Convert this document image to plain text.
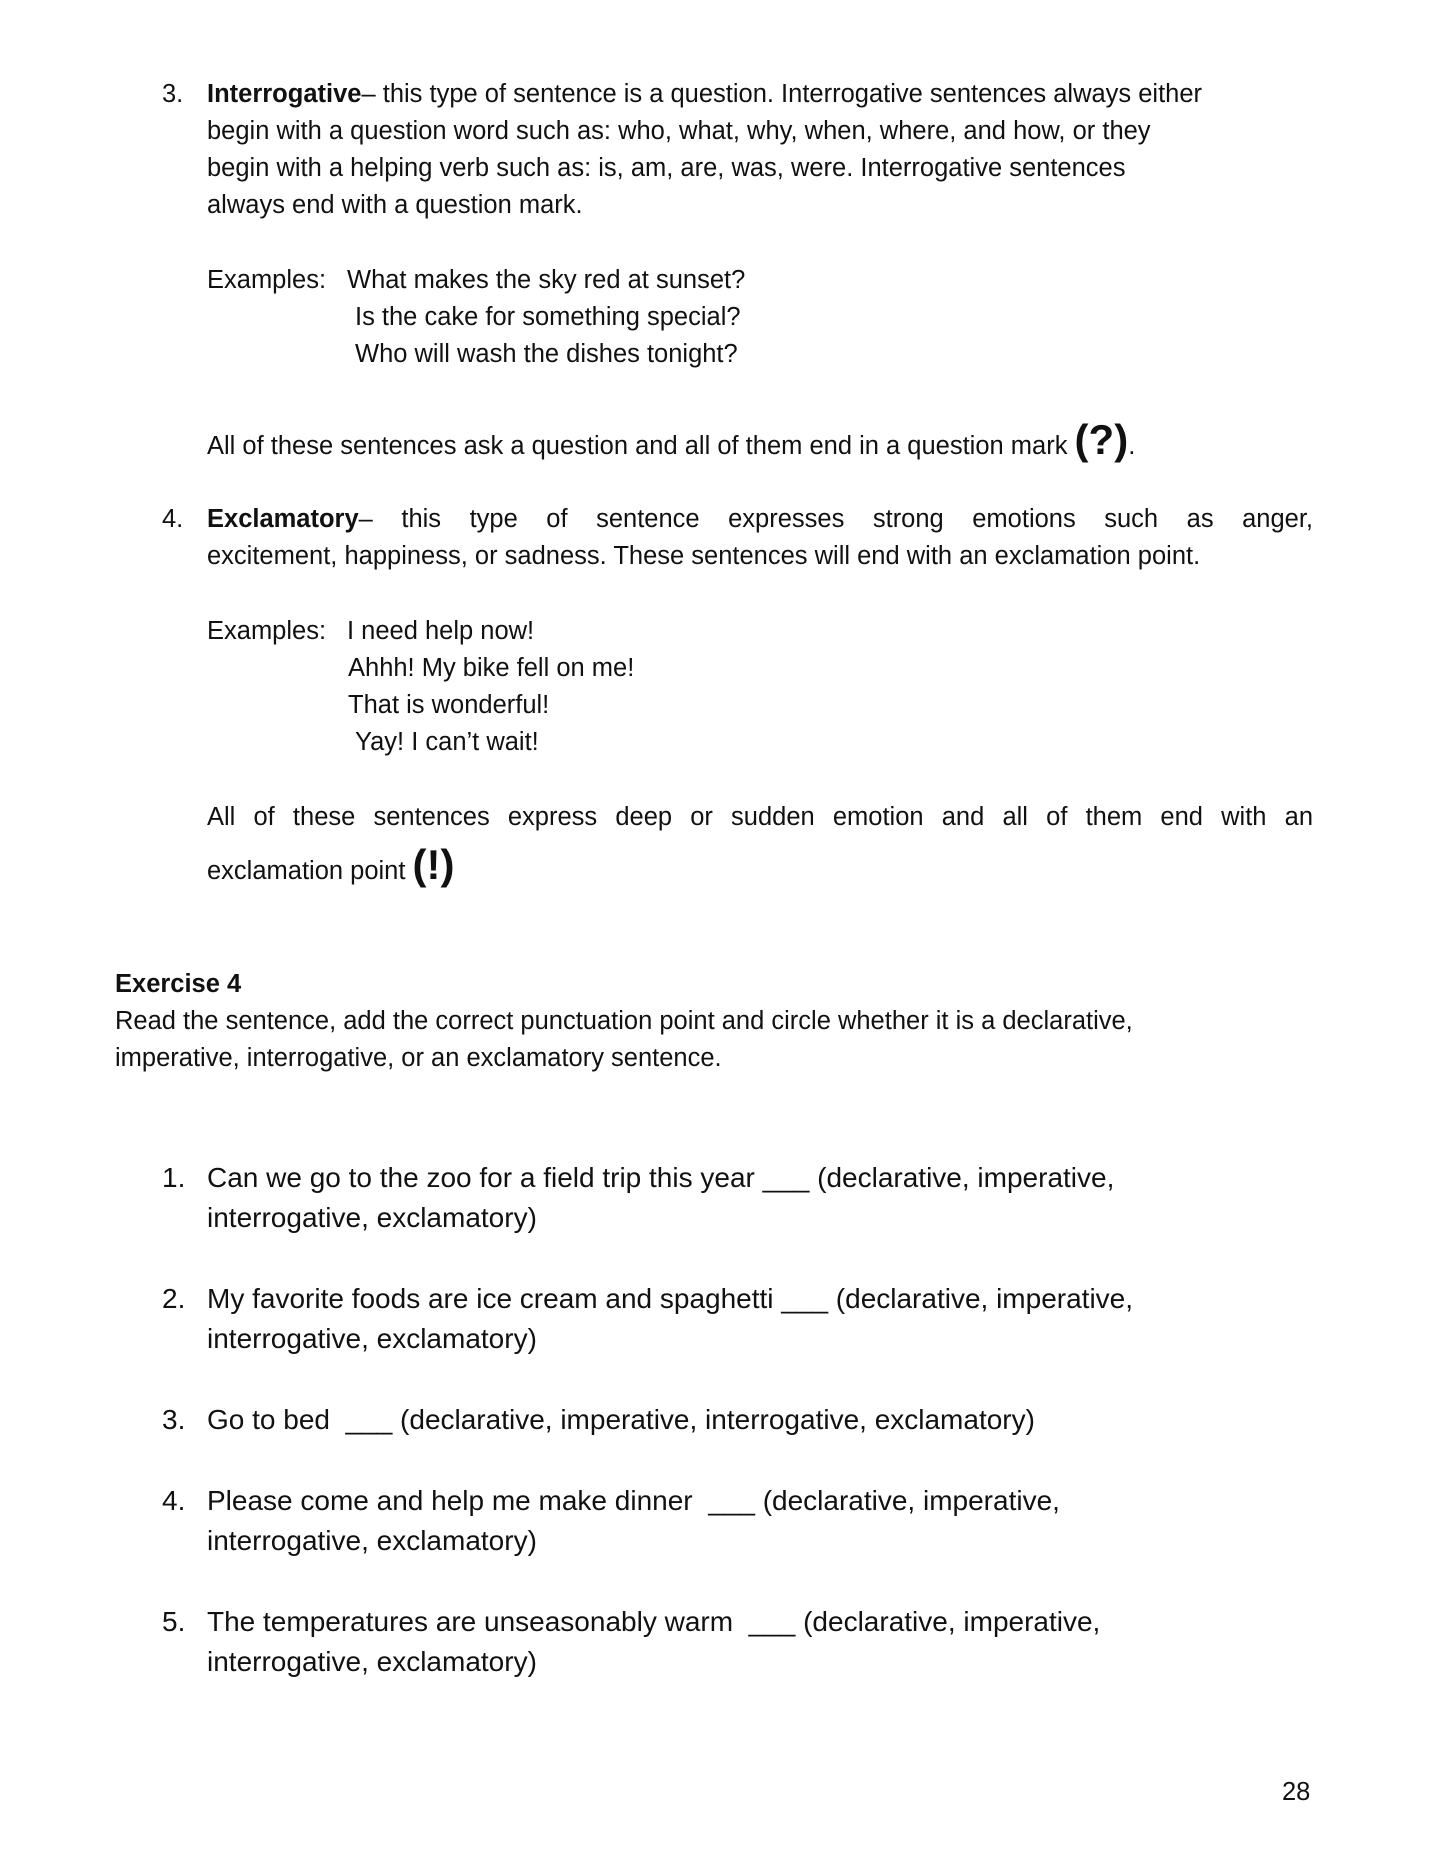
3. Interrogative– this type of sentence is a question. Interrogative sentences always either
begin with a question word such as: who, what, why, when, where, and how, or they
begin with a helping verb such as: is, am, are, was, were. Interrogative sentences
always end with a question mark.
Examples: What makes the sky red at sunset?
Is the cake for something special?
Who will wash the dishes tonight?
All of these sentences ask a question and all of them end in a question mark (?).
4. Exclamatory– this type of sentence expresses strong emotions such as anger,
excitement, happiness, or sadness. These sentences will end with an exclamation point.
Examples: I need help now!
Ahhh! My bike fell on me!
That is wonderful!
Yay! I can’t wait!
All of these sentences express deep or sudden emotion and all of them end with an
exclamation point (!)
Exercise 4
Read the sentence, add the correct punctuation point and circle whether it is a declarative,
imperative, interrogative, or an exclamatory sentence.
1. Can we go to the zoo for a field trip this year ___ (declarative, imperative,
interrogative, exclamatory)
2. My favorite foods are ice cream and spaghetti ___ (declarative, imperative,
interrogative, exclamatory)
3. Go to bed ___ (declarative, imperative, interrogative, exclamatory)
4. Please come and help me make dinner ___ (declarative, imperative,
interrogative, exclamatory)
5. The temperatures are unseasonably warm ___ (declarative, imperative,
interrogative, exclamatory)
28
